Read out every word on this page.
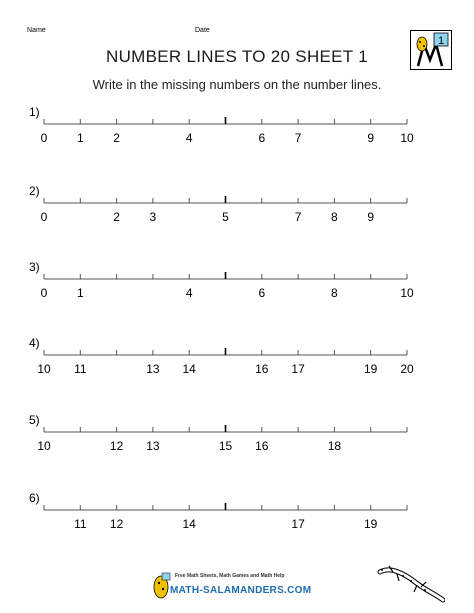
Name	Date
NUMBER LINES TO 20 SHEET 1
Write in the missing numbers on the number lines.
1
1)
0	1	2	4	6	7	9	10
2)
0	2	3	5	7	8	9
3)
0	1	4	6	8	10
4)
10	11	13	14	16	17	19	20
5)
10	12	13	15	16	18
6)
11	12	14	17	19
Free Math Sheets, Math Games and Math Help
MATH-SALAMANDERS.COM
